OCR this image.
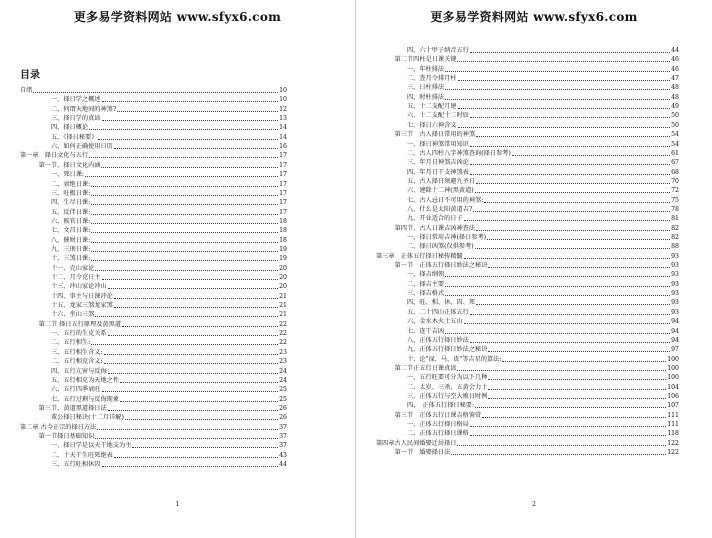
更多易学资料网站 www.sfyx6.com
目录
自绪	10
一、择日学之概述	10
二、何谓天地间的神煞?	12
三、择日学的真谛	13
四、择日概论	14
五、《择日秘要》	14
六、如何正确使用日历	16
第一章　择日文化与五行	17
第一节、择日文化内涵	17
一、死日课:	17
二、衰绝日课:	17
三、旺极日课:	17
四、生尽日课:	17
五、反伴日课:	17
六、候官日课:	18
七、文昌日课:	18
八、催财日课:	18
九、三刑日课:	19
十、三煞日课:	19
十一、克山家论	20
十二、月令克日主	20
十三、冲山家论冲山	20
十四、事主与日课冲论	21
十五、龙家三煞龙家煞	21
十六、坐山三煞	21
第二节 择日五行原理及黄黑道	22
一、五行的生克关系	22
二、五行相生:	22
三、五行相生含义:	23
二、五行相克含义:	23
四、五行亢害与反侮	24
五、五行相克为天地之性	24
六、五行四季衰旺	25
七、五行过剩与反侮现象	25
第三节、黄道黑道择日法	26
董公择日秘诀(十二月详解)	26
第二章 古今正宗的择日方法	37
第一节择日基础知识	37
一、择日学是以天干地支为主	37
二、十天干生旺死绝表	43
三、五行旺相休囚	44
1
更多易学资料网站 www.sfyx6.com
四、六十甲子纳音五行	44
第二节四柱是日课关键	46
一、年柱排法	46
二、查月令排月柱	47
三、日柱排法	48
四、时柱排法	48
五、十二支配月建	49
六、十二支配十二时辰	50
七、择日六神含义	50
第三节　古人择日常用的神煞	54
一、择日神煞常用知识	54
二、古人四柱八字神煞查询(择日参考)	61
三、年月日神煞吉凶论	67
四、年月日干支神煞表	68
五、古人择日须避九圣日	70
六、建除十二神(黑黄道)	72
七、古人忌日不可用的神煞:	75
八、什么是太阳黄道吉?	78
九、开业适合的日子	81
第四节、古人日课吉凶神查法	82
一、择日常用吉神(择日参考)	82
二、择日凶煞(仅供参考)	88
第三章　正体五行择日秘传精髓	93
第一节　正体五行择日妙法之秘诀	93
一、择吉纲领	93
二、择吉主要	93
三、择吉格式	93
四、旺、相、休、囚、死	93
五、二十四山正体五行	93
六、金水木火土五山	94
七、连干吉凶	94
八、正体五行择日妙法	94
九、正体五行择日妙法之秘诀	97
十、论"禄、马、贵"等吉星的算法:	100
第二节正五行日课真谛	100
一、五行旺要可分为以下几种	100
二、太岁、三杀、五黄会力士	104
三、正体五行与空大败日时例	106
四、　正体五行择日秘要:	107
第三节　正体五行日课吉格鉴赏	111
一、正体五行择日格局	111
二、正体五行择日课格	118
第四章古人民间婚娶迁居择日	122
第一节　婚娶择日法	122
2
